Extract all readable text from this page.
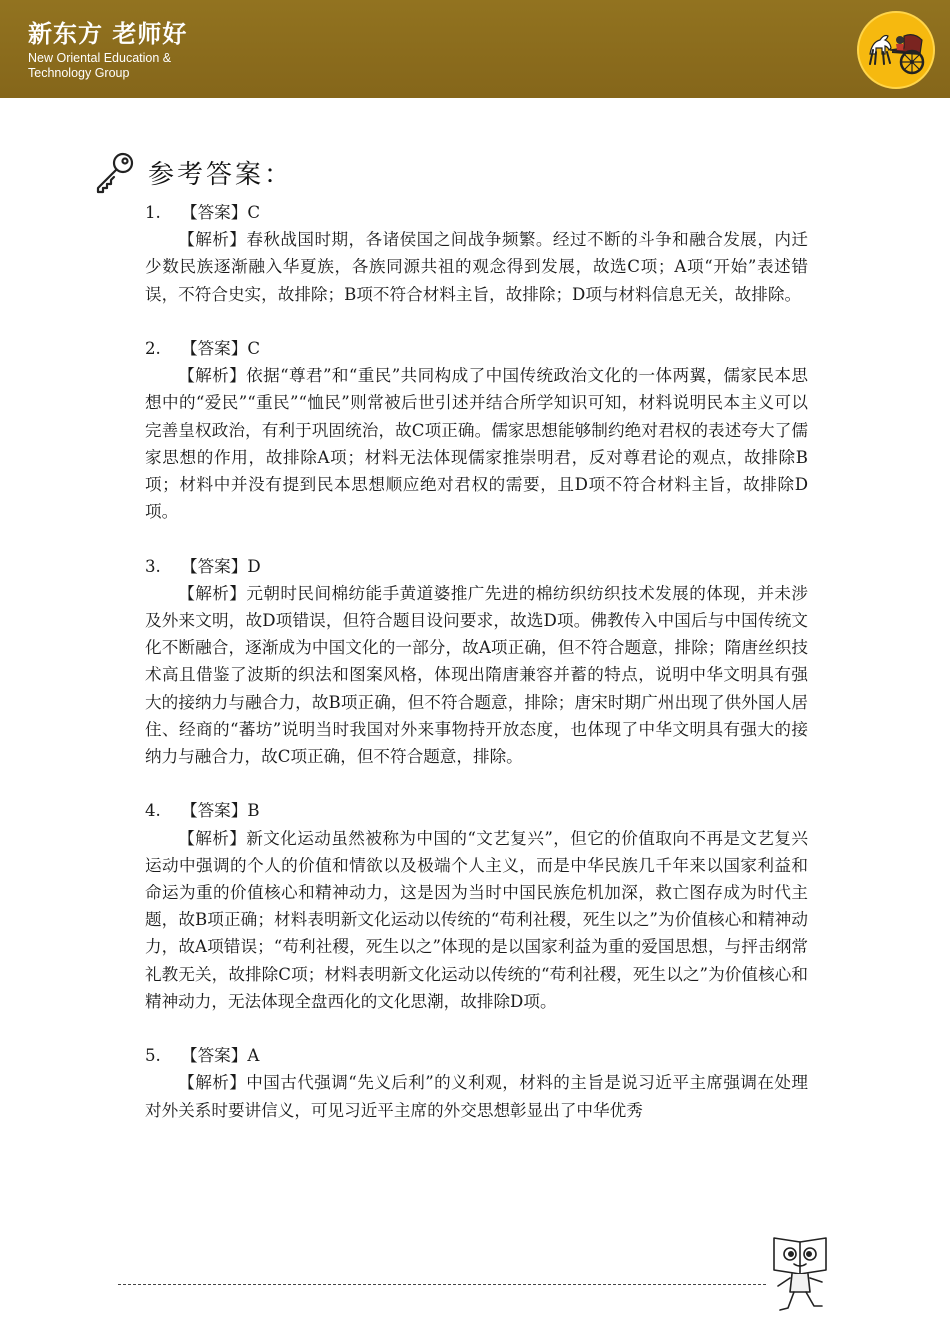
新东方 老师好
New Oriental Education &
Technology Group
参考答案：
1. 【答案】C

【解析】春秋战国时期，各诸侯国之间战争频繁。经过不断的斗争和融合发展，内迁少数民族逐渐融入华夏族，各族同源共祖的观念得到发展，故选C项；A项“开始”表述错误，不符合史实，故排除；B项不符合材料主旨，故排除；D项与材料信息无关，故排除。

2. 【答案】C

【解析】依据“尊君”和“重民”共同构成了中国传统政治文化的一体两翼，儒家民本思想中的“爱民”“重民”“恤民”则常被后世引述并结合所学知识可知，材料说明民本主义可以完善皇权政治，有利于巩固统治，故C项正确。儒家思想能够制约绝对君权的表述夸大了儒家思想的作用，故排除A项；材料无法体现儒家推崇明君，反对尊君论的观点，故排除B项；材料中并没有提到民本思想顺应绝对君权的需要，且D项不符合材料主旨，故排除D项。

3. 【答案】D

【解析】元朝时民间棉纺能手黄道婆推广先进的棉纺织纺织技术发展的体现，并未涉及外来文明，故D项错误，但符合题目设问要求，故选D项。佛教传入中国后与中国传统文化不断融合，逐渐成为中国文化的一部分，故A项正确，但不符合题意，排除；隋唐丝织技术高且借鉴了波斯的织法和图案风格，体现出隋唐兼容并蓄的特点，说明中华文明具有强大的接纳力与融合力，故B项正确，但不符合题意，排除；唐宋时期广州出现了供外国人居住、经商的“蕃坊”说明当时我国对外来事物持开放态度，也体现了中华文明具有强大的接纳力与融合力，故C项正确，但不符合题意，排除。

4. 【答案】B

【解析】新文化运动虽然被称为中国的“文艺复兴”，但它的价值取向不再是文艺复兴运动中强调的个人的价值和情欲以及极端个人主义，而是中华民族几千年来以国家利益和命运为重的价值核心和精神动力，这是因为当时中国民族危机加深，救亡图存成为时代主题，故B项正确；材料表明新文化运动以传统的“苟利社稷，死生以之”为价值核心和精神动力，故A项错误；“苟利社稷，死生以之”体现的是以国家利益为重的爱国思想，与抨击纲常礼教无关，故排除C项；材料表明新文化运动以传统的“苟利社稷，死生以之”为价值核心和精神动力，无法体现全盘西化的文化思潮，故排除D项。

5. 【答案】A

【解析】中国古代强调“先义后利”的义利观，材料的主旨是说习近平主席强调在处理对外关系时要讲信义，可见习近平主席的外交思想彰显出了中华优秀
